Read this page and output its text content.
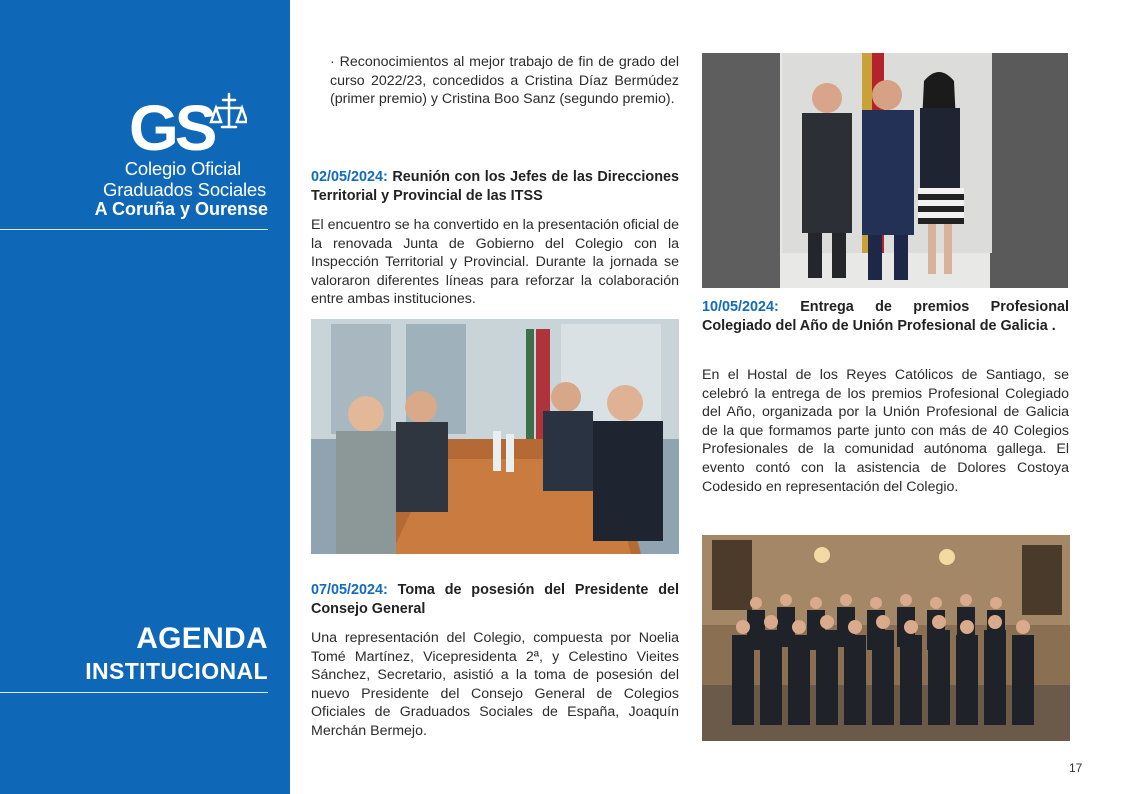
GS
Colegio Oficial
Graduados Sociales
A Coruña y Ourense
AGENDA
INSTITUCIONAL

· Reconocimientos al mejor trabajo de fin de grado del curso 2022/23, concedidos a Cristina Díaz Bermúdez (primer premio) y Cristina Boo Sanz (segundo premio).

02/05/2024: Reunión con los Jefes de las Direcciones Territorial y Provincial de las ITSS

El encuentro se ha convertido en la presentación oficial de la renovada Junta de Gobierno del Colegio con la Inspección Territorial y Provincial. Durante la jornada se valoraron diferentes líneas para reforzar la colaboración entre ambas instituciones.

07/05/2024: Toma de posesión del Presidente del Consejo General

Una representación del Colegio, compuesta por Noelia Tomé Martínez, Vicepresidenta 2ª, y Celestino Vieites Sánchez, Secretario, asistió a la toma de posesión del nuevo Presidente del Consejo General de Colegios Oficiales de Graduados Sociales de España, Joaquín Merchán Bermejo.

10/05/2024: Entrega de premios Profesional Colegiado del Año de Unión Profesional de Galicia .

En el Hostal de los Reyes Católicos de Santiago, se celebró la entrega de los premios Profesional Colegiado del Año, organizada por la Unión Profesional de Galicia de la que formamos parte junto con más de 40 Colegios Profesionales de la comunidad autónoma gallega. El evento contó con la asistencia de Dolores Costoya Codesido en representación del Colegio.

17
